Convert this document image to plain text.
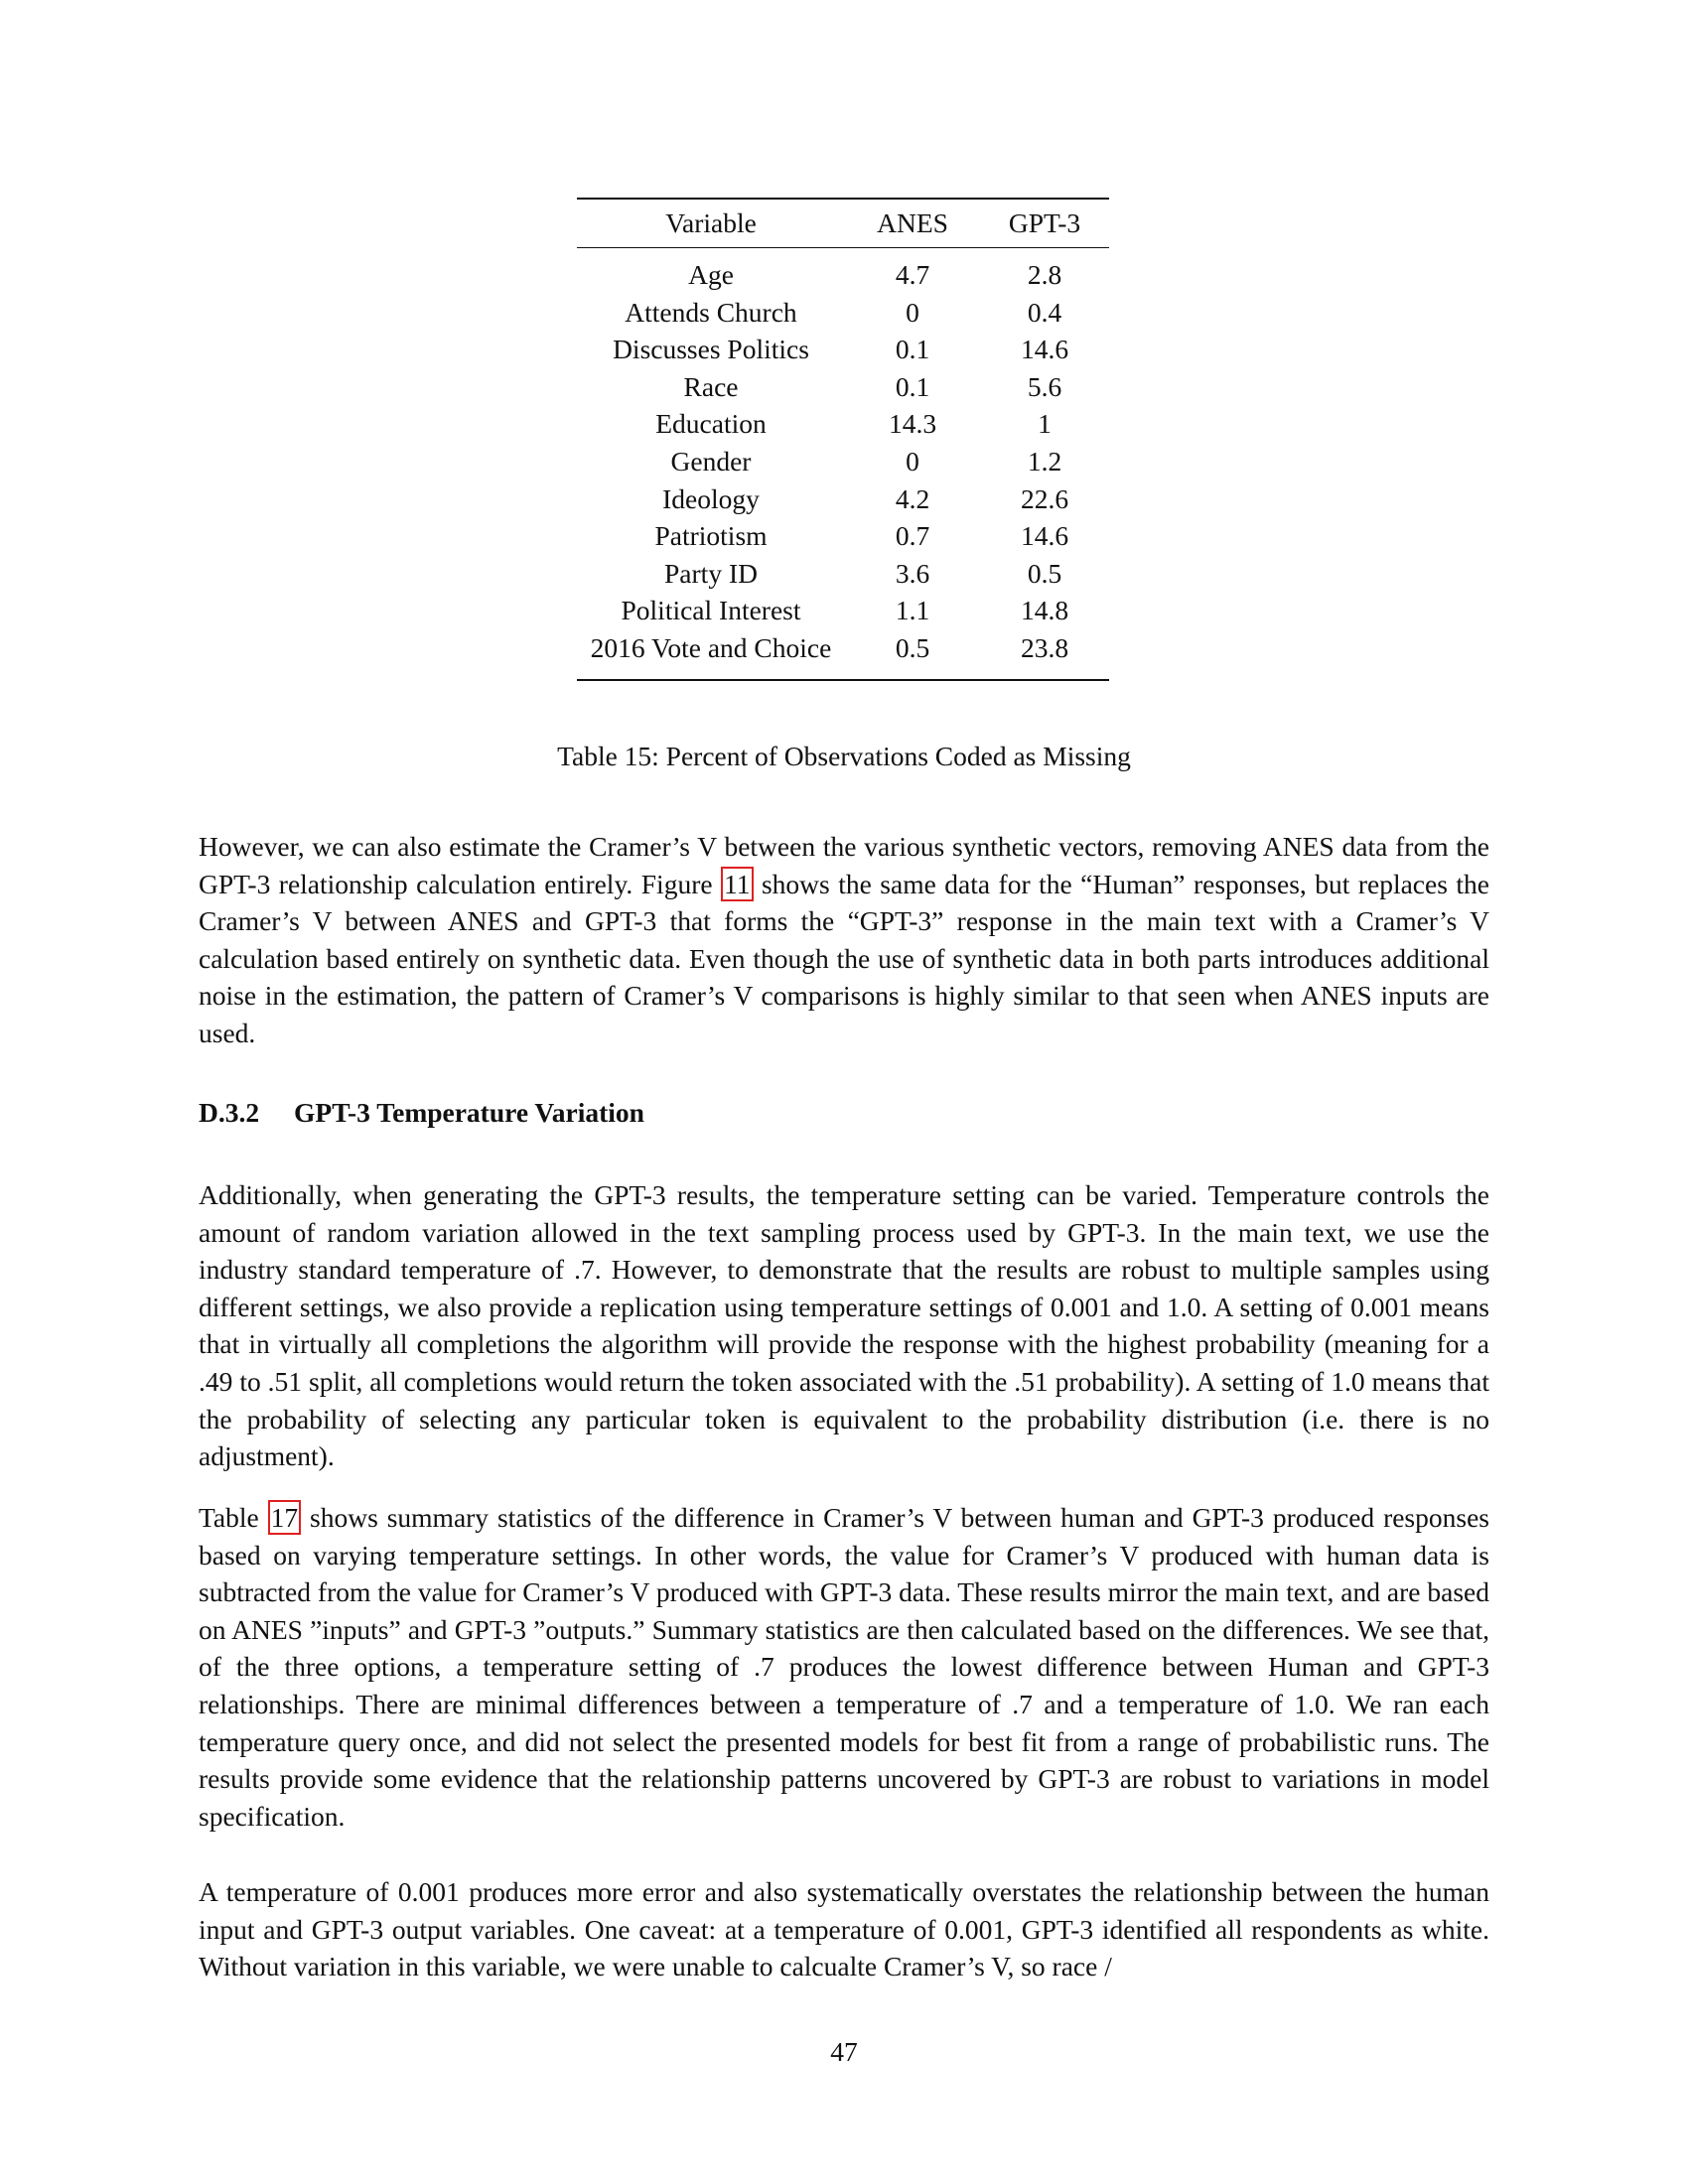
Variable	ANES	GPT-3
Age	4.7	2.8
Attends Church	0	0.4
Discusses Politics	0.1	14.6
Race	0.1	5.6
Education	14.3	1
Gender	0	1.2
Ideology	4.2	22.6
Patriotism	0.7	14.6
Party ID	3.6	0.5
Political Interest	1.1	14.8
2016 Vote and Choice	0.5	23.8
Table 15: Percent of Observations Coded as Missing

However, we can also estimate the Cramer’s V between the various synthetic vectors, removing ANES data from the GPT-3 relationship calculation entirely. Figure 11 shows the same data for the “Human” responses, but replaces the Cramer’s V between ANES and GPT-3 that forms the “GPT-3” response in the main text with a Cramer’s V calculation based entirely on synthetic data. Even though the use of synthetic data in both parts introduces additional noise in the estimation, the pattern of Cramer’s V comparisons is highly similar to that seen when ANES inputs are used.

D.3.2 GPT-3 Temperature Variation

Additionally, when generating the GPT-3 results, the temperature setting can be varied. Temperature controls the amount of random variation allowed in the text sampling process used by GPT-3. In the main text, we use the industry standard temperature of .7. However, to demonstrate that the results are robust to multiple samples using different settings, we also provide a replication using temperature settings of 0.001 and 1.0. A setting of 0.001 means that in virtually all completions the algorithm will provide the response with the highest probability (meaning for a .49 to .51 split, all completions would return the token associated with the .51 probability). A setting of 1.0 means that the probability of selecting any particular token is equivalent to the probability distribution (i.e. there is no adjustment).

Table 17 shows summary statistics of the difference in Cramer’s V between human and GPT-3 produced responses based on varying temperature settings. In other words, the value for Cramer’s V produced with human data is subtracted from the value for Cramer’s V produced with GPT-3 data. These results mirror the main text, and are based on ANES ”inputs” and GPT-3 ”outputs.” Summary statistics are then calculated based on the differences. We see that, of the three options, a temperature setting of .7 produces the lowest difference between Human and GPT-3 relationships. There are minimal differences between a temperature of .7 and a temperature of 1.0. We ran each temperature query once, and did not select the presented models for best fit from a range of probabilistic runs. The results provide some evidence that the relationship patterns uncovered by GPT-3 are robust to variations in model specification.

A temperature of 0.001 produces more error and also systematically overstates the relationship between the human input and GPT-3 output variables. One caveat: at a temperature of 0.001, GPT-3 identified all respondents as white. Without variation in this variable, we were unable to calcualte Cramer’s V, so race /

47
